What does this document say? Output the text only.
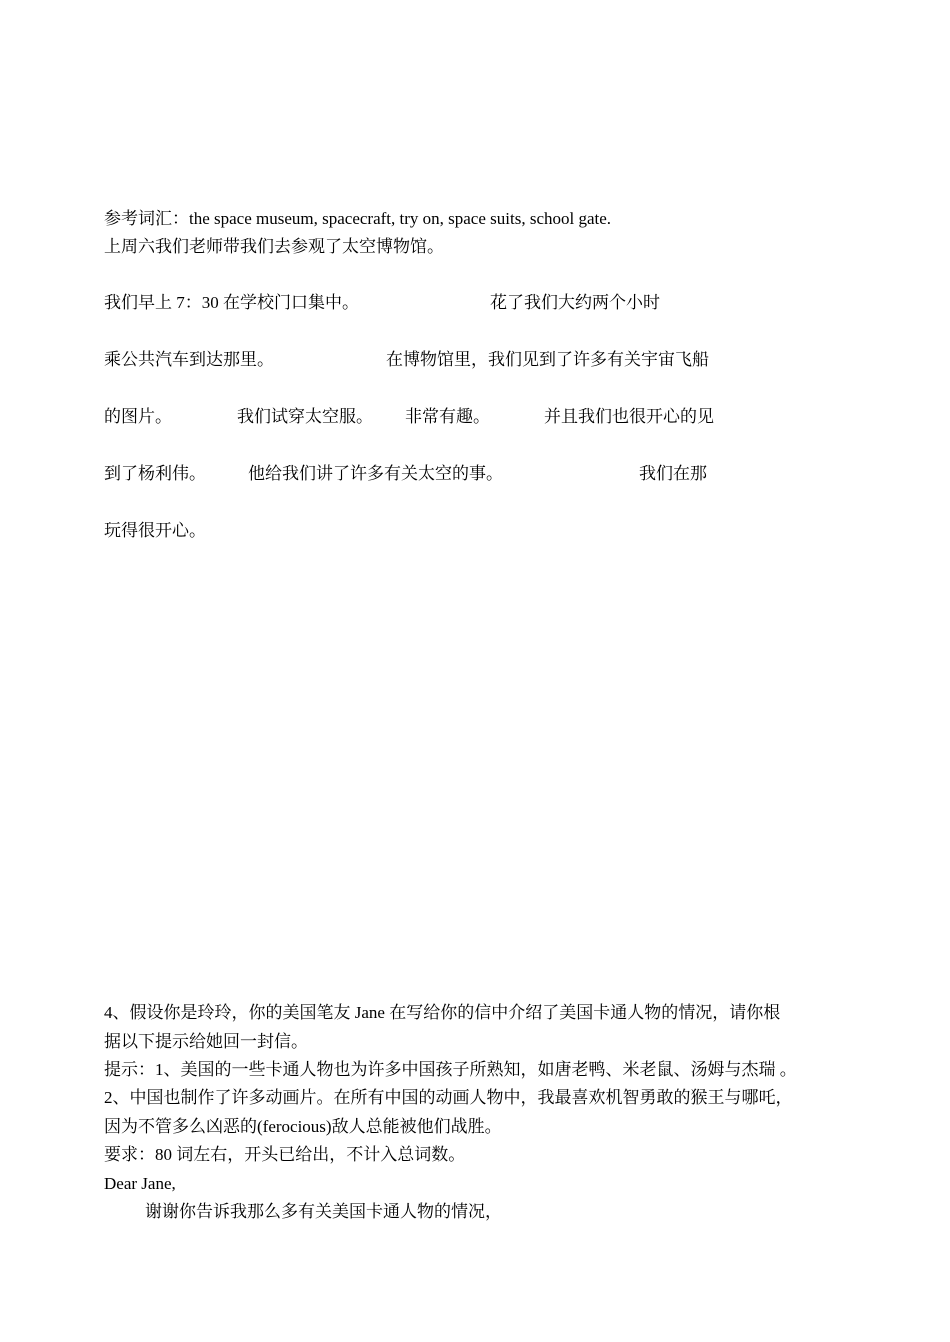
参考词汇：the space museum, spacecraft, try on, space suits, school gate.
上周六我们老师带我们去参观了太空博物馆。
我们早上 7：30 在学校门口集中。	花了我们大约两个小时
乘公共汽车到达那里。	在博物馆里，我们见到了许多有关宇宙飞船
的图片。	我们试穿太空服。 非常有趣。	并且我们也很开心的见
到了杨利伟。 他给我们讲了许多有关太空的事。	我们在那
玩得很开心。
4、假设你是玲玲，你的美国笔友 Jane 在写给你的信中介绍了美国卡通人物的情况，请你根
据以下提示给她回一封信。
提示：1、美国的一些卡通人物也为许多中国孩子所熟知，如唐老鸭、米老鼠、汤姆与杰瑞 。
2、中国也制作了许多动画片。在所有中国的动画人物中，我最喜欢机智勇敢的猴王与哪吒，
因为不管多么凶恶的(ferocious)敌人总能被他们战胜。
要求：80 词左右，开头已给出，不计入总词数。
Dear Jane,
谢谢你告诉我那么多有关美国卡通人物的情况，
